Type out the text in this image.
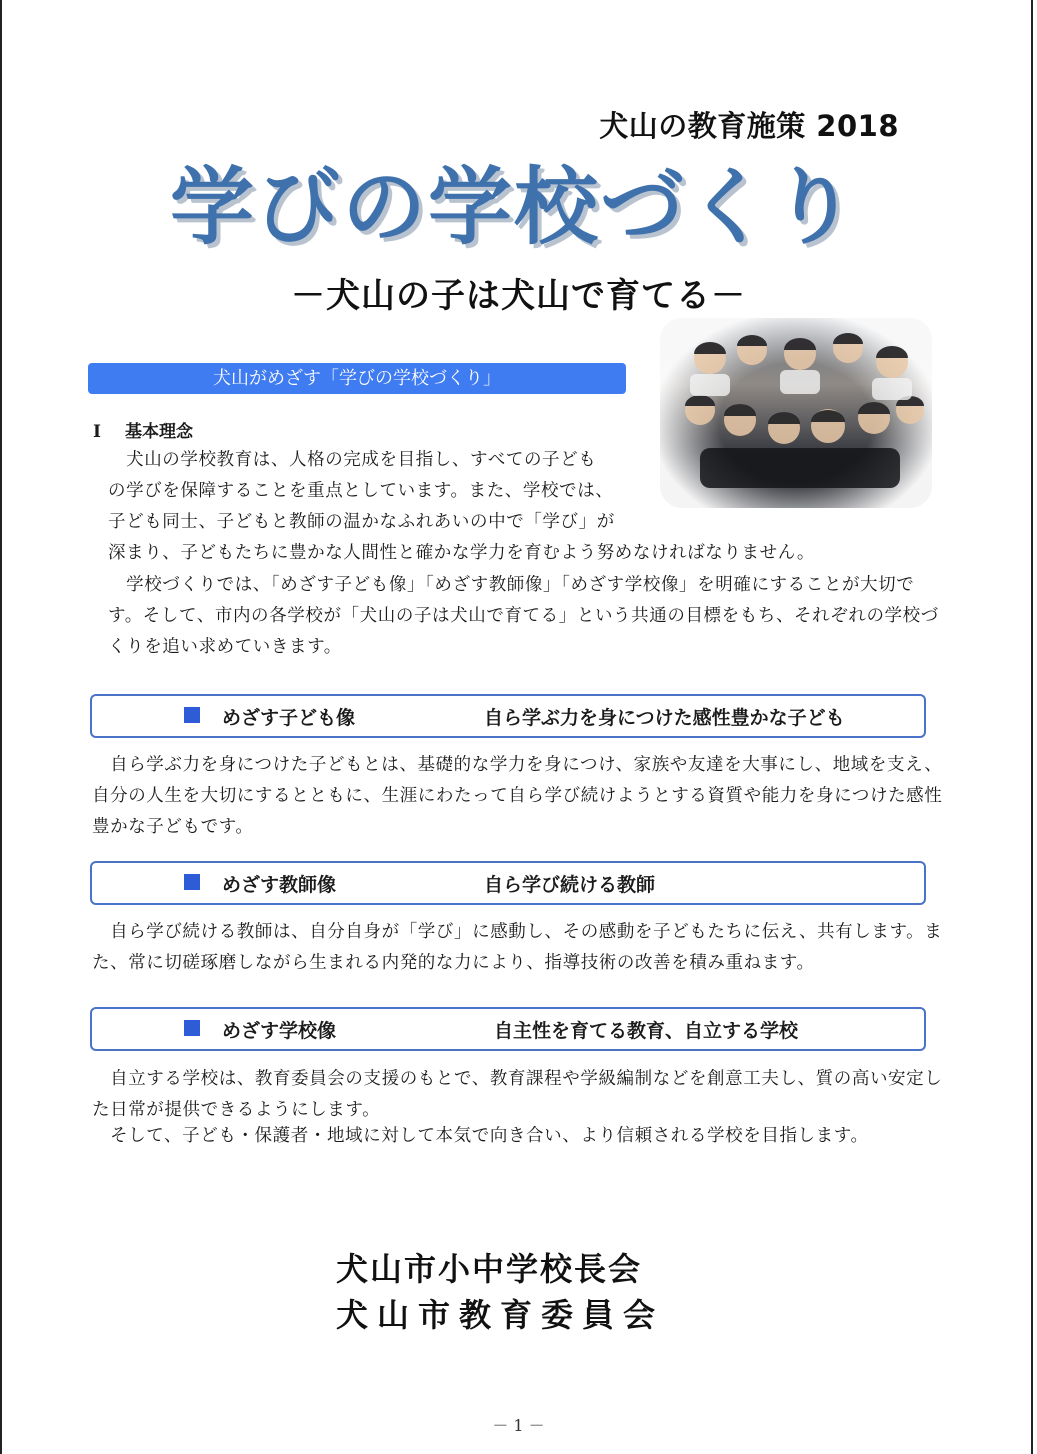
犬山の教育施策 2018
学びの学校づくり
－犬山の子は犬山で育てる－
犬山がめざす「学びの学校づくり」
Ⅰ 基本理念
　犬山の学校教育は、人格の完成を目指し、すべての子ども
の学びを保障することを重点としています。また、学校では、
子ども同士、子どもと教師の温かなふれあいの中で「学び」が
深まり、子どもたちに豊かな人間性と確かな学力を育むよう努めなければなりません。

　学校づくりでは、「めざす子ども像」「めざす教師像」「めざす学校像」を明確にすることが大切です。そして、市内の各学校が「犬山の子は犬山で育てる」という共通の目標をもち、それぞれの学校づくりを追い求めていきます。

めざす子ども像	自ら学ぶ力を身につけた感性豊かな子ども

　自ら学ぶ力を身につけた子どもとは、基礎的な学力を身につけ、家族や友達を大事にし、地域を支え、自分の人生を大切にするとともに、生涯にわたって自ら学び続けようとする資質や能力を身につけた感性豊かな子どもです。

めざす教師像	自ら学び続ける教師

　自ら学び続ける教師は、自分自身が「学び」に感動し、その感動を子どもたちに伝え、共有します。また、常に切磋琢磨しながら生まれる内発的な力により、指導技術の改善を積み重ねます。

めざす学校像	自主性を育てる教育、自立する学校

　自立する学校は、教育委員会の支援のもとで、教育課程や学級編制などを創意工夫し、質の高い安定した日常が提供できるようにします。

　そして、子ども・保護者・地域に対して本気で向き合い、より信頼される学校を目指します。

犬山市小中学校長会
犬山市教育委員会
－ 1 －
